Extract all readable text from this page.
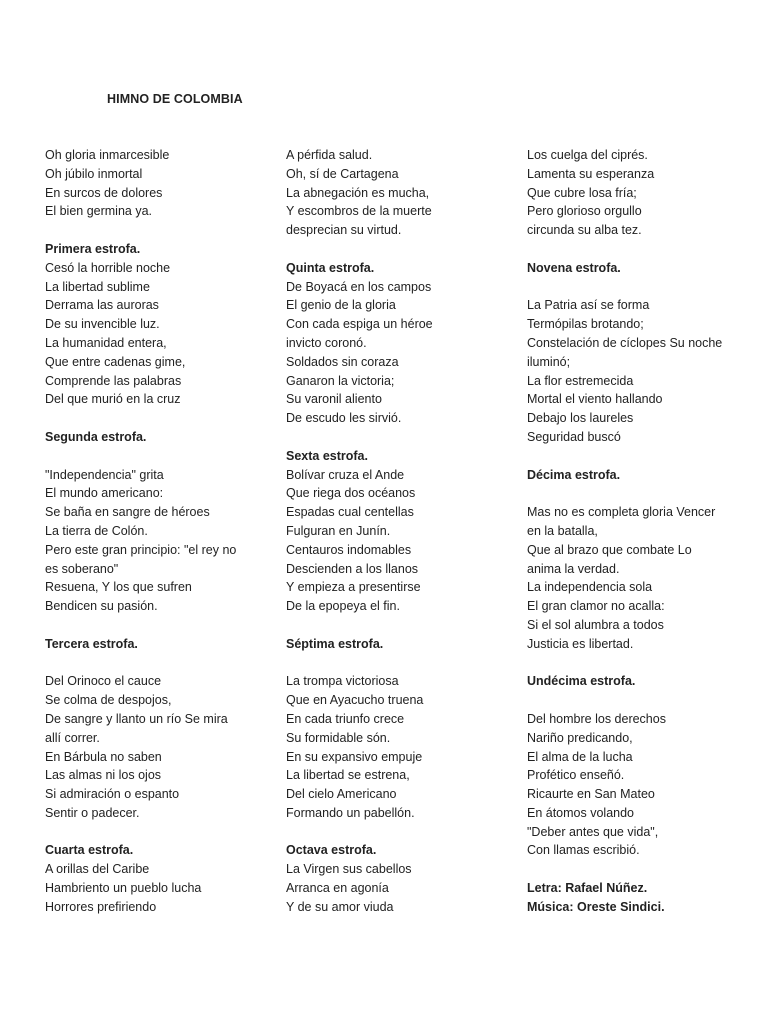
HIMNO DE COLOMBIA
Oh gloria inmarcesible
Oh júbilo inmortal
En surcos de dolores
El bien germina ya.
Primera estrofa.
Cesó la horrible noche
La libertad sublime
Derrama las auroras
De su invencible luz.
La humanidad entera,
Que entre cadenas gime,
Comprende las palabras
Del que murió en la cruz
Segunda estrofa.
"Independencia" grita
El mundo americano:
Se baña en sangre de héroes
La tierra de Colón.
Pero este gran principio: "el rey no
es soberano"
Resuena, Y los que sufren
Bendicen su pasión.
Tercera estrofa.
Del Orinoco el cauce
Se colma de despojos,
De sangre y llanto un río Se mira
allí correr.
En Bárbula no saben
Las almas ni los ojos
Si admiración o espanto
Sentir o padecer.
Cuarta estrofa.
A orillas del Caribe
Hambriento un pueblo lucha
Horrores prefiriendo
A pérfida salud.
Oh, sí de Cartagena
La abnegación es mucha,
Y escombros de la muerte
desprecian su virtud.
Quinta estrofa.
De Boyacá en los campos
El genio de la gloria
Con cada espiga un héroe
invicto coronó.
Soldados sin coraza
Ganaron la victoria;
Su varonil aliento
De escudo les sirvió.
Sexta estrofa.
Bolívar cruza el Ande
Que riega dos océanos
Espadas cual centellas
Fulguran en Junín.
Centauros indomables
Descienden a los llanos
Y empieza a presentirse
De la epopeya el fin.
Séptima estrofa.
La trompa victoriosa
Que en Ayacucho truena
En cada triunfo crece
Su formidable són.
En su expansivo empuje
La libertad se estrena,
Del cielo Americano
Formando un pabellón.
Octava estrofa.
La Virgen sus cabellos
Arranca en agonía
Y de su amor viuda
Los cuelga del ciprés.
Lamenta su esperanza
Que cubre losa fría;
Pero glorioso orgullo
circunda su alba tez.
Novena estrofa.
La Patria así se forma
Termópilas brotando;
Constelación de cíclopes Su noche
iluminó;
La flor estremecida
Mortal el viento hallando
Debajo los laureles
Seguridad buscó
Décima estrofa.
Mas no es completa gloria Vencer
en la batalla,
Que al brazo que combate Lo
anima la verdad.
La independencia sola
El gran clamor no acalla:
Si el sol alumbra a todos
Justicia es libertad.
Undécima estrofa.
Del hombre los derechos
Nariño predicando,
El alma de la lucha
Profético enseñó.
Ricaurte en San Mateo
En átomos volando
"Deber antes que vida",
Con llamas escribió.
Letra: Rafael Núñez.
Música: Oreste Sindici.
